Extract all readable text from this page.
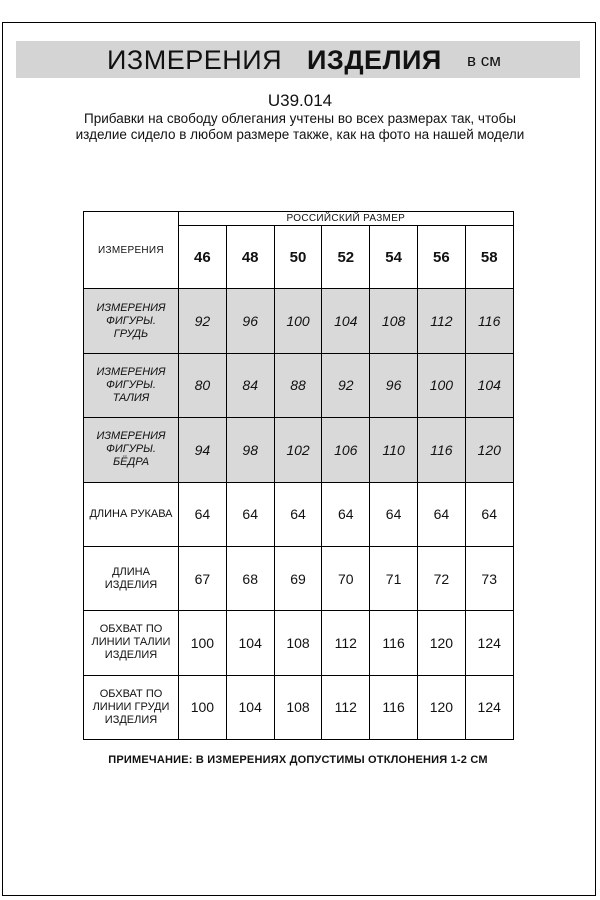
ИЗМЕРЕНИЯ ИЗДЕЛИЯ в см
U39.014
Прибавки на свободу облегания учтены во всех размерах так, чтобы изделие сидело в любом размере также, как на фото на нашей модели
ИЗМЕРЕНИЯ	РОССИЙСКИЙ РАЗМЕР						
	46	48	50	52	54	56	58
ИЗМЕРЕНИЯ ФИГУРЫ. ГРУДЬ	92	96	100	104	108	112	116
ИЗМЕРЕНИЯ ФИГУРЫ. ТАЛИЯ	80	84	88	92	96	100	104
ИЗМЕРЕНИЯ ФИГУРЫ. БЁДРА	94	98	102	106	110	116	120
ДЛИНА РУКАВА	64	64	64	64	64	64	64
ДЛИНА ИЗДЕЛИЯ	67	68	69	70	71	72	73
ОБХВАТ ПО ЛИНИИ ТАЛИИ ИЗДЕЛИЯ	100	104	108	112	116	120	124
ОБХВАТ ПО ЛИНИИ ГРУДИ ИЗДЕЛИЯ	100	104	108	112	116	120	124
ПРИМЕЧАНИЕ: В ИЗМЕРЕНИЯХ ДОПУСТИМЫ ОТКЛОНЕНИЯ 1-2 СМ
